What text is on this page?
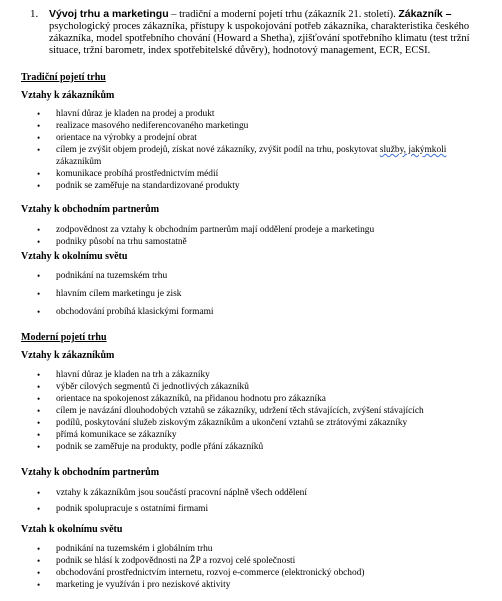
1. Vývoj trhu a marketingu – tradiční a moderní pojetí trhu (zákazník 21. století). Zákazník – psychologický proces zákazníka, přístupy k uspokojování potřeb zákazníka, charakteristika českého zákazníka, model spotřebního chování (Howard a Shetha), zjišťování spotřebního klimatu (test tržní situace, tržní barometr, index spotřebitelské důvěry), hodnotový management, ECR, ECSI.
Tradiční pojetí trhu
Vztahy k zákazníkům
• hlavní důraz je kladen na prodej a produkt
• realizace masového nediferencovaného marketingu
• orientace na výrobky a prodejní obrat
• cílem je zvýšit objem prodejů, získat nové zákazníky, zvýšit podíl na trhu, poskytovat služby, jakýmkoli
zákazníkům
• komunikace probíhá prostřednictvím médií
• podnik se zaměřuje na standardizované produkty
Vztahy k obchodním partnerům
• zodpovědnost za vztahy k obchodním partnerům mají oddělení prodeje a marketingu
• podniky působí na trhu samostatně
Vztahy k okolnímu světu
• podnikání na tuzemském trhu
• hlavním cílem marketingu je zisk
• obchodování probíhá klasickými formami
Moderní pojetí trhu
Vztahy k zákazníkům
• hlavní důraz je kladen na trh a zákazníky
• výběr cílových segmentů či jednotlivých zákazníků
• orientace na spokojenost zákazníků, na přidanou hodnotu pro zákazníka
• cílem je navázání dlouhodobých vztahů se zákazníky, udržení těch stávajících, zvýšení stávajících
• podílů, poskytování služeb ziskovým zákazníkům a ukončení vztahů se ztrátovými zákazníky
• přímá komunikace se zákazníky
• podnik se zaměřuje na produkty, podle přání zákazníků
Vztahy k obchodním partnerům
• vztahy k zákazníkům jsou součástí pracovní náplně všech oddělení
• podnik spolupracuje s ostatními firmami
Vztah k okolnímu světu
• podnikání na tuzemském i globálním trhu
• podnik se hlásí k zodpovědnosti na ŽP a rozvoj celé společnosti
• obchodování prostřednictvím internetu, rozvoj e-commerce (elektronický obchod)
• marketing je využíván i pro neziskové aktivity
